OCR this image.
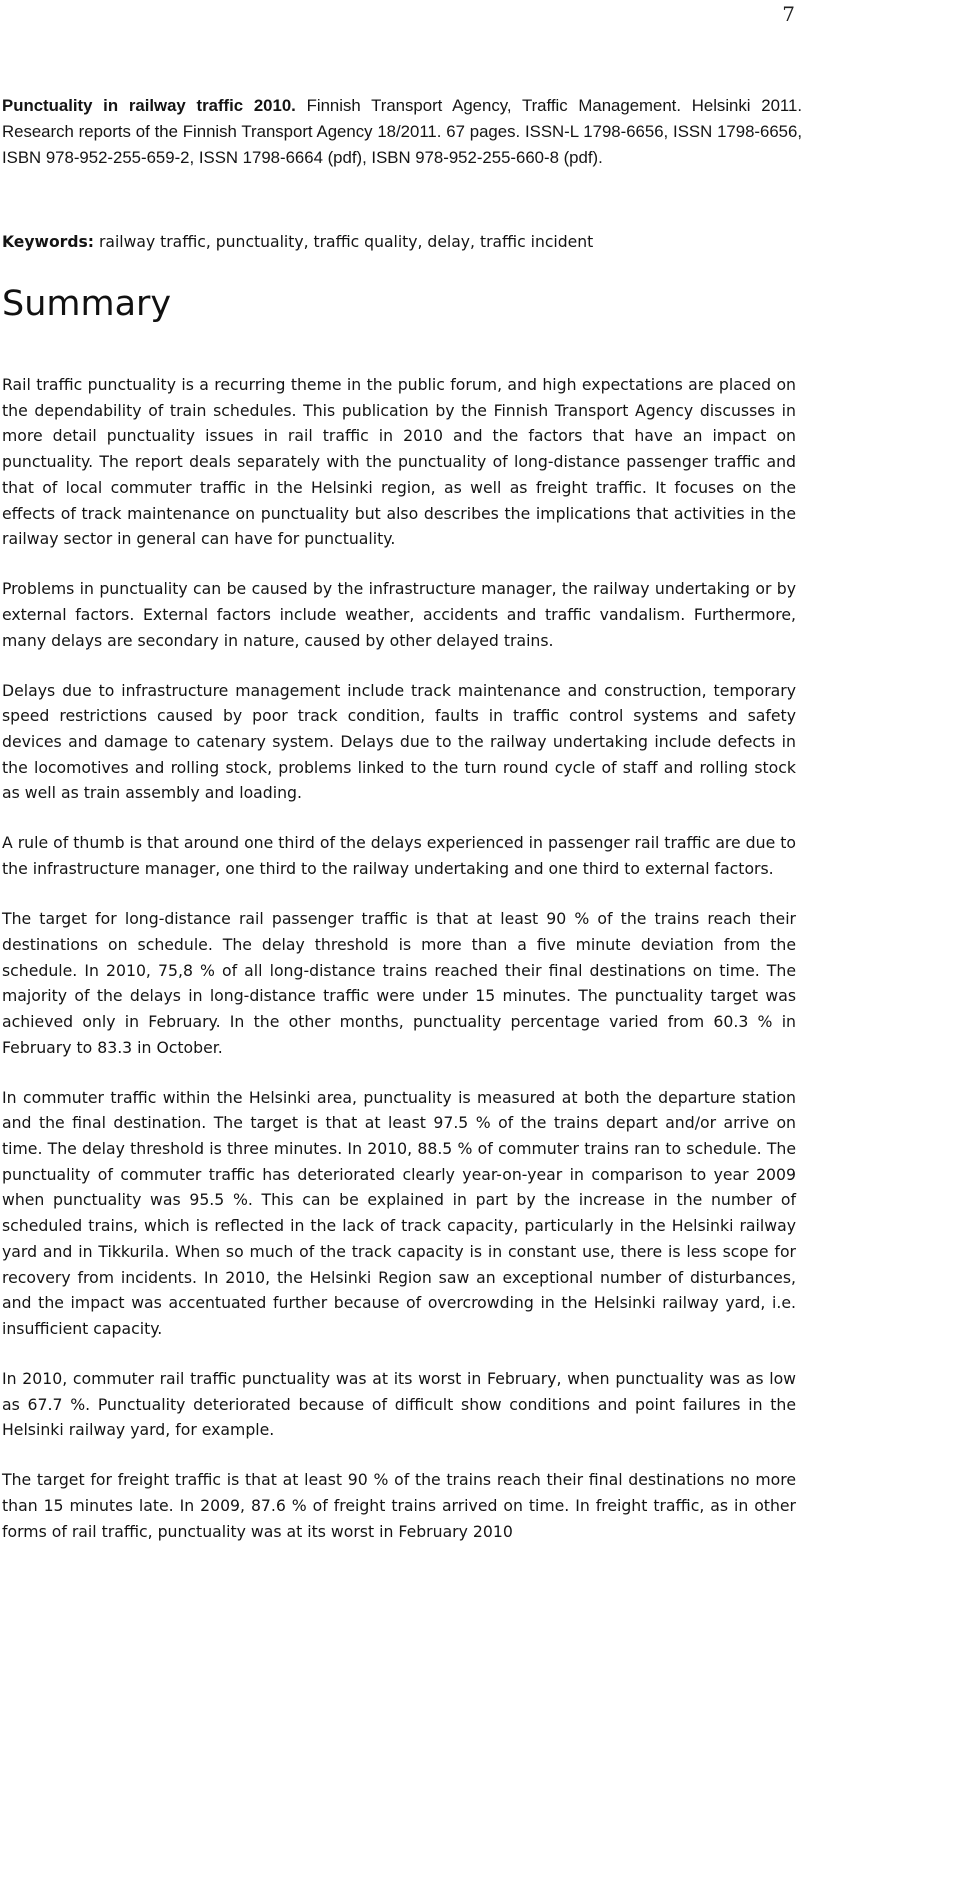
7
Punctuality in railway traffic 2010. Finnish Transport Agency, Traffic Management. Helsinki 2011. Research reports of the Finnish Transport Agency 18/2011. 67 pages. ISSN-L 1798-6656, ISSN 1798-6656, ISBN 978-952-255-659-2, ISSN 1798-6664 (pdf), ISBN 978-952-255-660-8 (pdf).
Keywords: railway traffic, punctuality, traffic quality, delay, traffic incident
Summary

Rail traffic punctuality is a recurring theme in the public forum, and high expectations are placed on the dependability of train schedules. This publication by the Finnish Transport Agency discusses in more detail punctuality issues in rail traffic in 2010 and the factors that have an impact on punctuality. The report deals separately with the punctuality of long-distance passenger traffic and that of local commuter traffic in the Helsinki region, as well as freight traffic. It focuses on the effects of track maintenance on punctuality but also describes the implications that activities in the railway sector in general can have for punctuality.

Problems in punctuality can be caused by the infrastructure manager, the railway undertaking or by external factors. External factors include weather, accidents and traffic vandalism. Furthermore, many delays are secondary in nature, caused by other delayed trains.

Delays due to infrastructure management include track maintenance and construction, temporary speed restrictions caused by poor track condition, faults in traffic control systems and safety devices and damage to catenary system. Delays due to the railway undertaking include defects in the locomotives and rolling stock, problems linked to the turn round cycle of staff and rolling stock as well as train assembly and loading.

A rule of thumb is that around one third of the delays experienced in passenger rail traffic are due to the infrastructure manager, one third to the railway undertaking and one third to external factors.

The target for long-distance rail passenger traffic is that at least 90 % of the trains reach their destinations on schedule. The delay threshold is more than a five minute deviation from the schedule. In 2010, 75,8 % of all long-distance trains reached their final destinations on time. The majority of the delays in long-distance traffic were under 15 minutes. The punctuality target was achieved only in February. In the other months, punctuality percentage varied from 60.3 % in February to 83.3 in October.

In commuter traffic within the Helsinki area, punctuality is measured at both the departure station and the final destination. The target is that at least 97.5 % of the trains depart and/or arrive on time. The delay threshold is three minutes. In 2010, 88.5 % of commuter trains ran to schedule. The punctuality of commuter traffic has deteriorated clearly year-on-year in comparison to year 2009 when punctuality was 95.5 %. This can be explained in part by the increase in the number of scheduled trains, which is reflected in the lack of track capacity, particularly in the Helsinki railway yard and in Tikkurila. When so much of the track capacity is in constant use, there is less scope for recovery from incidents. In 2010, the Helsinki Region saw an exceptional number of disturbances, and the impact was accentuated further because of overcrowding in the Helsinki railway yard, i.e. insufficient capacity.

In 2010, commuter rail traffic punctuality was at its worst in February, when punctuality was as low as 67.7 %. Punctuality deteriorated because of difficult show conditions and point failures in the Helsinki railway yard, for example.

The target for freight traffic is that at least 90 % of the trains reach their final destinations no more than 15 minutes late. In 2009, 87.6 % of freight trains arrived on time. In freight traffic, as in other forms of rail traffic, punctuality was at its worst in February 2010
